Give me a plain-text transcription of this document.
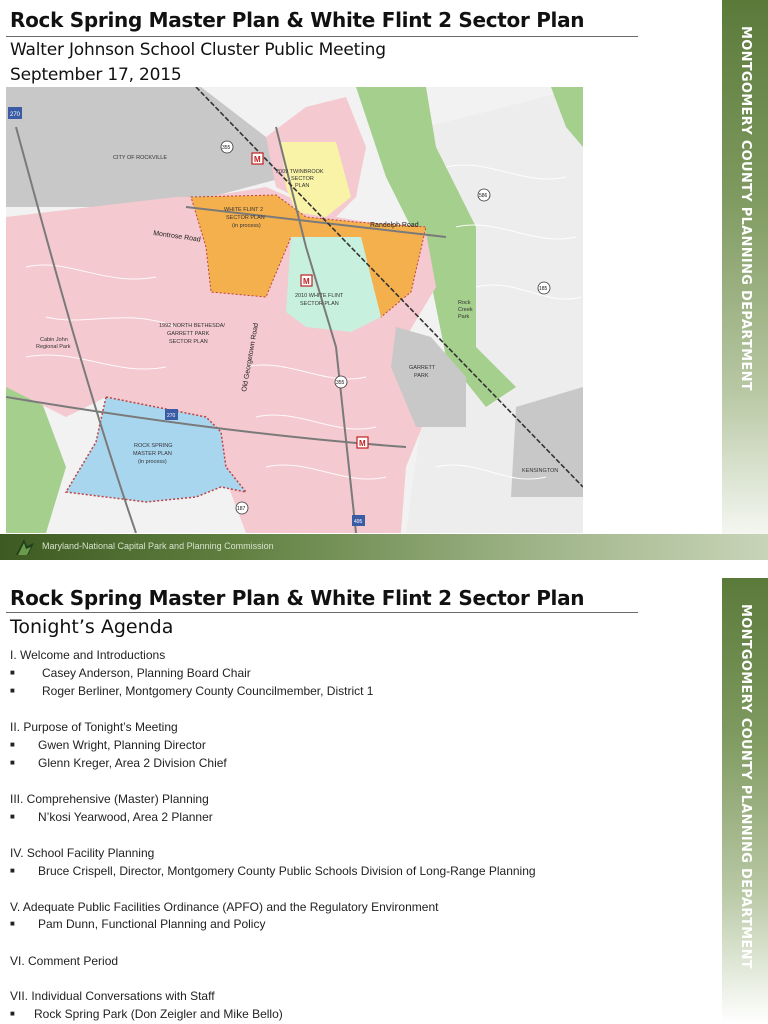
MONTGOMERY COUNTY PLANNING DEPARTMENT
Rock Spring Master Plan & White Flint 2 Sector Plan
Walter Johnson School Cluster Public Meeting
September 17, 2015
270
355
586
185
355
187
270
495
M
M
M
CITY OF ROCKVILLE
2009 TWINBROOK
SECTOR
PLAN
WHITE FLINT 2
SECTOR PLAN
(in process)
2010 WHITE FLINT
SECTOR PLAN
1992 NORTH BETHESDA/
GARRETT PARK
SECTOR PLAN
ROCK SPRING
MASTER PLAN
(in process)
GARRETT
PARK
KENSINGTON
Montrose Road
Randolph Road
Old Georgetown Road
Rock
Creek
Park
Cabin John
Regional Park
Maryland-National Capital Park and Planning Commission
MONTGOMERY COUNTY PLANNING DEPARTMENT
Rock Spring Master Plan & White Flint 2 Sector Plan
Tonight’s Agenda
I. Welcome and Introductions
■ Casey Anderson, Planning Board Chair
■ Roger Berliner, Montgomery County Councilmember, District 1
II. Purpose of Tonight’s Meeting
■ Gwen Wright, Planning Director
■ Glenn Kreger, Area 2 Division Chief
III. Comprehensive (Master) Planning
■ N’kosi Yearwood, Area 2 Planner
IV. School Facility Planning
■ Bruce Crispell, Director, Montgomery County Public Schools Division of Long-Range Planning
V. Adequate Public Facilities Ordinance (APFO) and the Regulatory Environment
■ Pam Dunn, Functional Planning and Policy
VI. Comment Period
VII. Individual Conversations with Staff
■ Rock Spring Park (Don Zeigler and Mike Bello)
